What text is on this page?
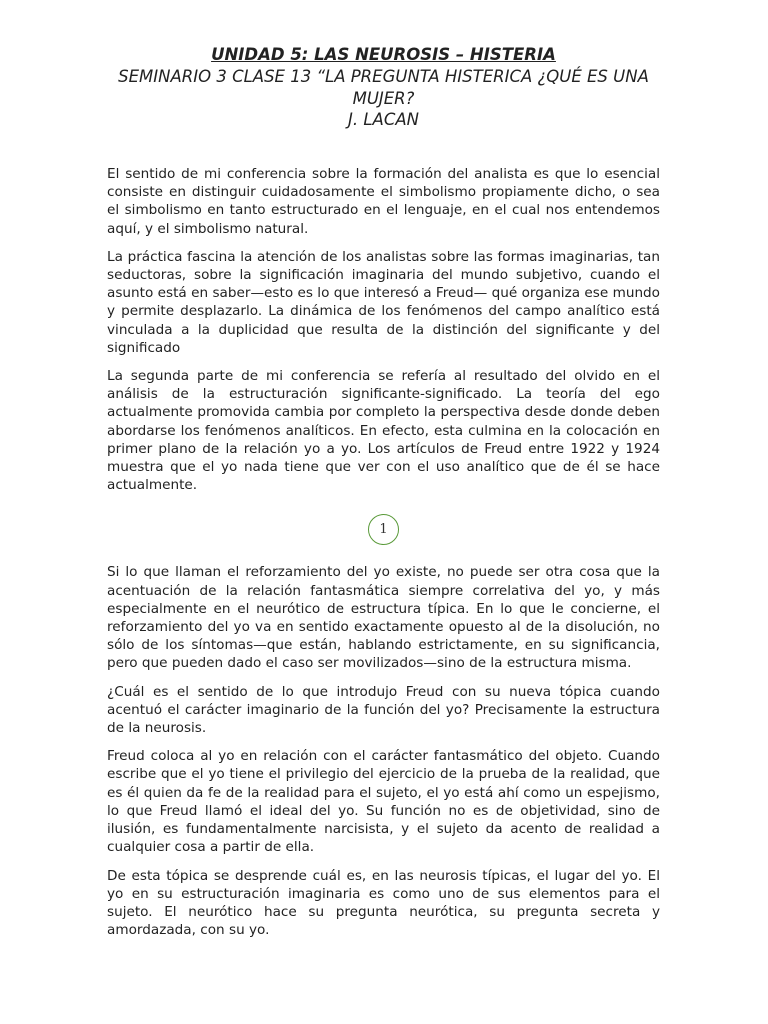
UNIDAD 5: LAS NEUROSIS – HISTERIA

SEMINARIO 3 CLASE 13 “LA PREGUNTA HISTERICA ¿QUÉ ES UNA MUJER?

J. LACAN

El sentido de mi conferencia sobre la formación del analista es que lo esencial consiste en distinguir cuidadosamente el simbolismo propiamente dicho, o sea el simbolismo en tanto estructurado en el lenguaje, en el cual nos entendemos aquí, y el simbolismo natural.

La práctica fascina la atención de los analistas sobre las formas imaginarias, tan seductoras, sobre la significación imaginaria del mundo subjetivo, cuando el asunto está en saber—esto es lo que interesó a Freud— qué organiza ese mundo y permite desplazarlo. La dinámica de los fenómenos del campo analítico está vinculada a la duplicidad que resulta de la distinción del significante y del significado

La segunda parte de mi conferencia se refería al resultado del olvido en el análisis de la estructuración significante-significado. La teoría del ego actualmente promovida cambia por completo la perspectiva desde donde deben abordarse los fenómenos analíticos. En efecto, esta culmina en la colocación en primer plano de la relación yo a yo. Los artículos de Freud entre 1922 y 1924 muestra que el yo nada tiene que ver con el uso analítico que de él se hace actualmente.

1

Si lo que llaman el reforzamiento del yo existe, no puede ser otra cosa que la acentuación de la relación fantasmática siempre correlativa del yo, y más especialmente en el neurótico de estructura típica. En lo que le concierne, el reforzamiento del yo va en sentido exactamente opuesto al de la disolución, no sólo de los síntomas—que están, hablando estrictamente, en su significancia, pero que pueden dado el caso ser movilizados—sino de la estructura misma.

¿Cuál es el sentido de lo que introdujo Freud con su nueva tópica cuando acentuó el carácter imaginario de la función del yo? Precisamente la estructura de la neurosis.

Freud coloca al yo en relación con el carácter fantasmático del objeto. Cuando escribe que el yo tiene el privilegio del ejercicio de la prueba de la realidad, que es él quien da fe de la realidad para el sujeto, el yo está ahí como un espejismo, lo que Freud llamó el ideal del yo. Su función no es de objetividad, sino de ilusión, es fundamentalmente narcisista, y el sujeto da acento de realidad a cualquier cosa a partir de ella.

De esta tópica se desprende cuál es, en las neurosis típicas, el lugar del yo. El yo en su estructuración imaginaria es como uno de sus elementos para el sujeto. El neurótico hace su pregunta neurótica, su pregunta secreta y amordazada, con su yo.
